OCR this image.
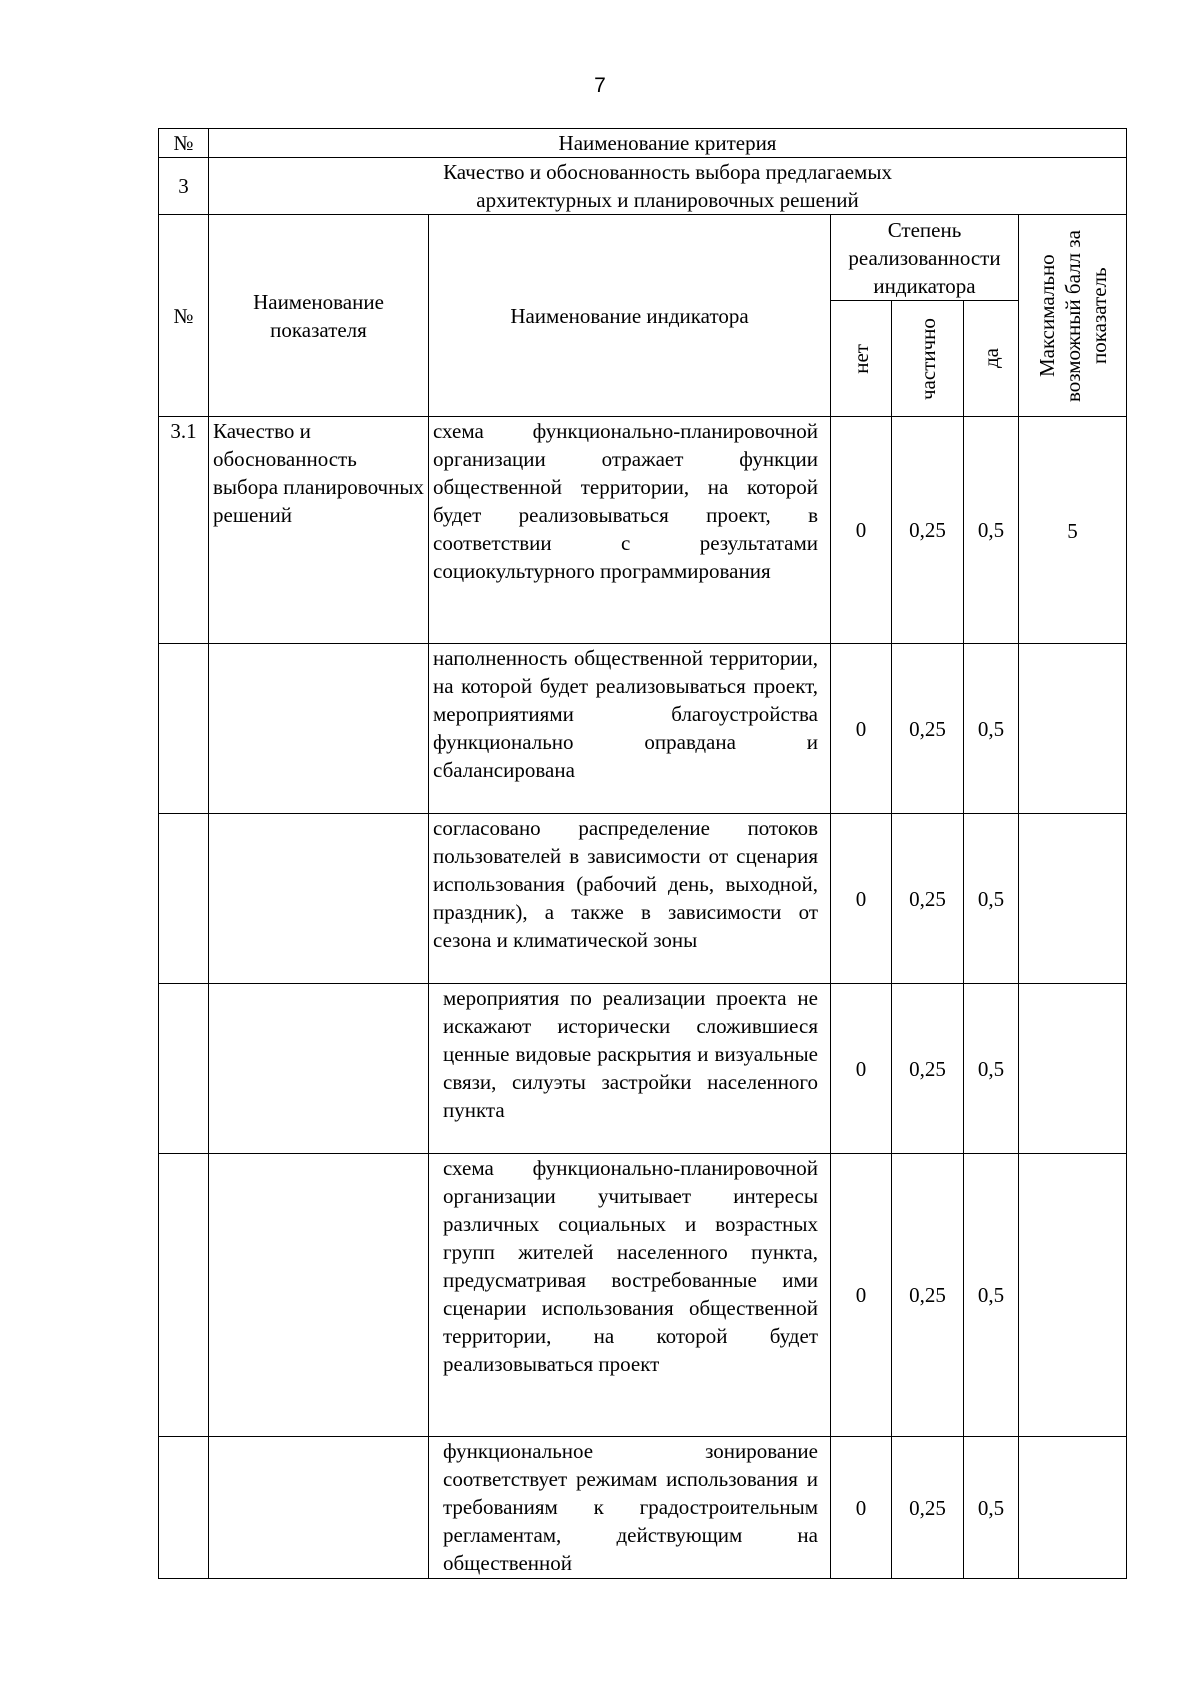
7
№	Наименование критерия					
3	Качество и обоснованность выбора предлагаемых
архитектурных и планировочных решений					
№	Наименование показателя	Наименование индикатора	Степень реализованности индикатора			Максимально возможный балл за показатель

			нет	частично	да	

3.1	Качество и обоснованность выбора планировочных решений	схема функционально-планировочной организации отражает функции общественной территории, на которой будет реализовываться проект, в соответствии с результатами социокультурного программирования	0	0,25	0,5	5
		наполненность общественной территории, на которой будет реализовываться проект, мероприятиями благоустройства функционально оправдана и сбалансирована	0	0,25	0,5	
		согласовано распределение потоков пользователей в зависимости от сценария использования (рабочий день, выходной, праздник), а также в зависимости от сезона и климатической зоны	0	0,25	0,5	
		мероприятия по реализации проекта не искажают исторически сложившиеся ценные видовые раскрытия и визуальные связи, силуэты застройки населенного пункта	0	0,25	0,5	
		схема функционально-планировочной организации учитывает интересы различных социальных и возрастных групп жителей населенного пункта, предусматривая востребованные ими сценарии использования общественной территории, на которой будет реализовываться проект	0	0,25	0,5	
		функциональное зонирование соответствует режимам использования и требованиям к градостроительным регламентам, действующим на общественной	0	0,25	0,5	
